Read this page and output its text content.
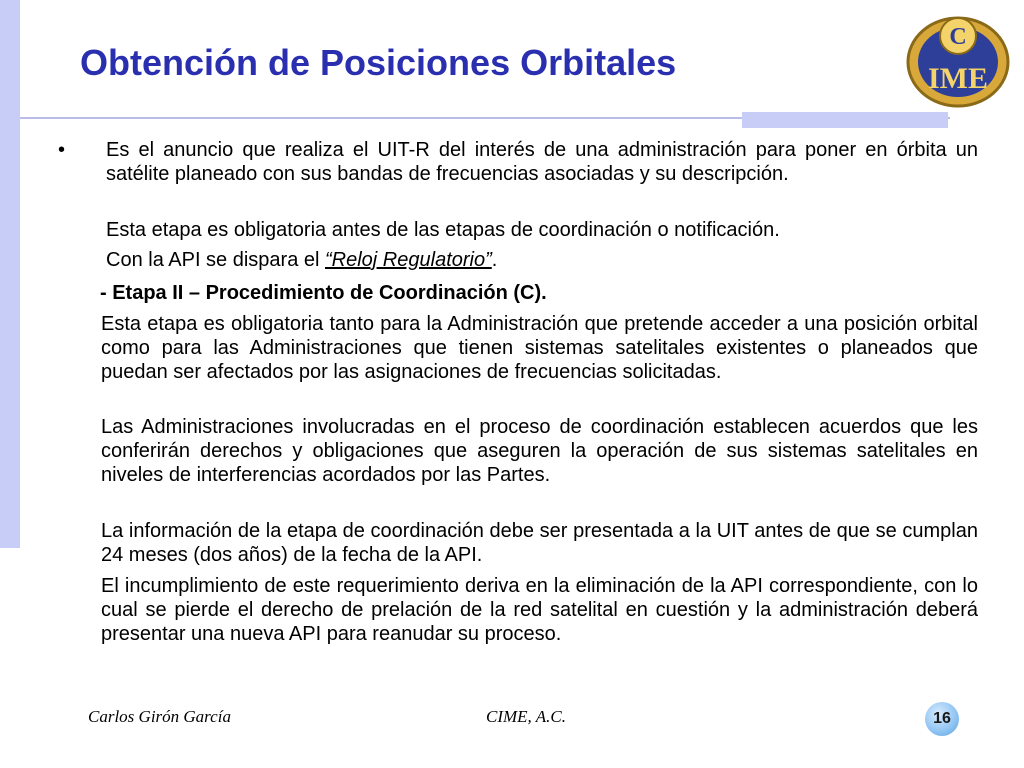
Obtención de Posiciones Orbitales
C
IME
• Es el anuncio que realiza el UIT-R del interés de una administración para poner en órbita un satélite planeado con sus bandas de frecuencias asociadas y su descripción.

Esta etapa es obligatoria antes de las etapas de coordinación o notificación.

Con la API se dispara el “Reloj Regulatorio”.

- Etapa II – Procedimiento de Coordinación (C).

Esta etapa es obligatoria tanto para la Administración que pretende acceder a una posición orbital como para las Administraciones que tienen sistemas satelitales existentes o planeados que puedan ser afectados por las asignaciones de frecuencias solicitadas.

Las Administraciones involucradas en el proceso de coordinación establecen acuerdos que les conferirán derechos y obligaciones que aseguren la operación de sus sistemas satelitales en niveles de interferencias acordados por las Partes.

La información de la etapa de coordinación debe ser presentada a la UIT antes de que se cumplan 24 meses (dos años) de la fecha de la API.

El incumplimiento de este requerimiento deriva en la eliminación de la API correspondiente, con lo cual se pierde el derecho de prelación de la red satelital en cuestión y la administración deberá presentar una nueva API para reanudar su proceso.

Carlos Girón García	CIME, A.C.	16
